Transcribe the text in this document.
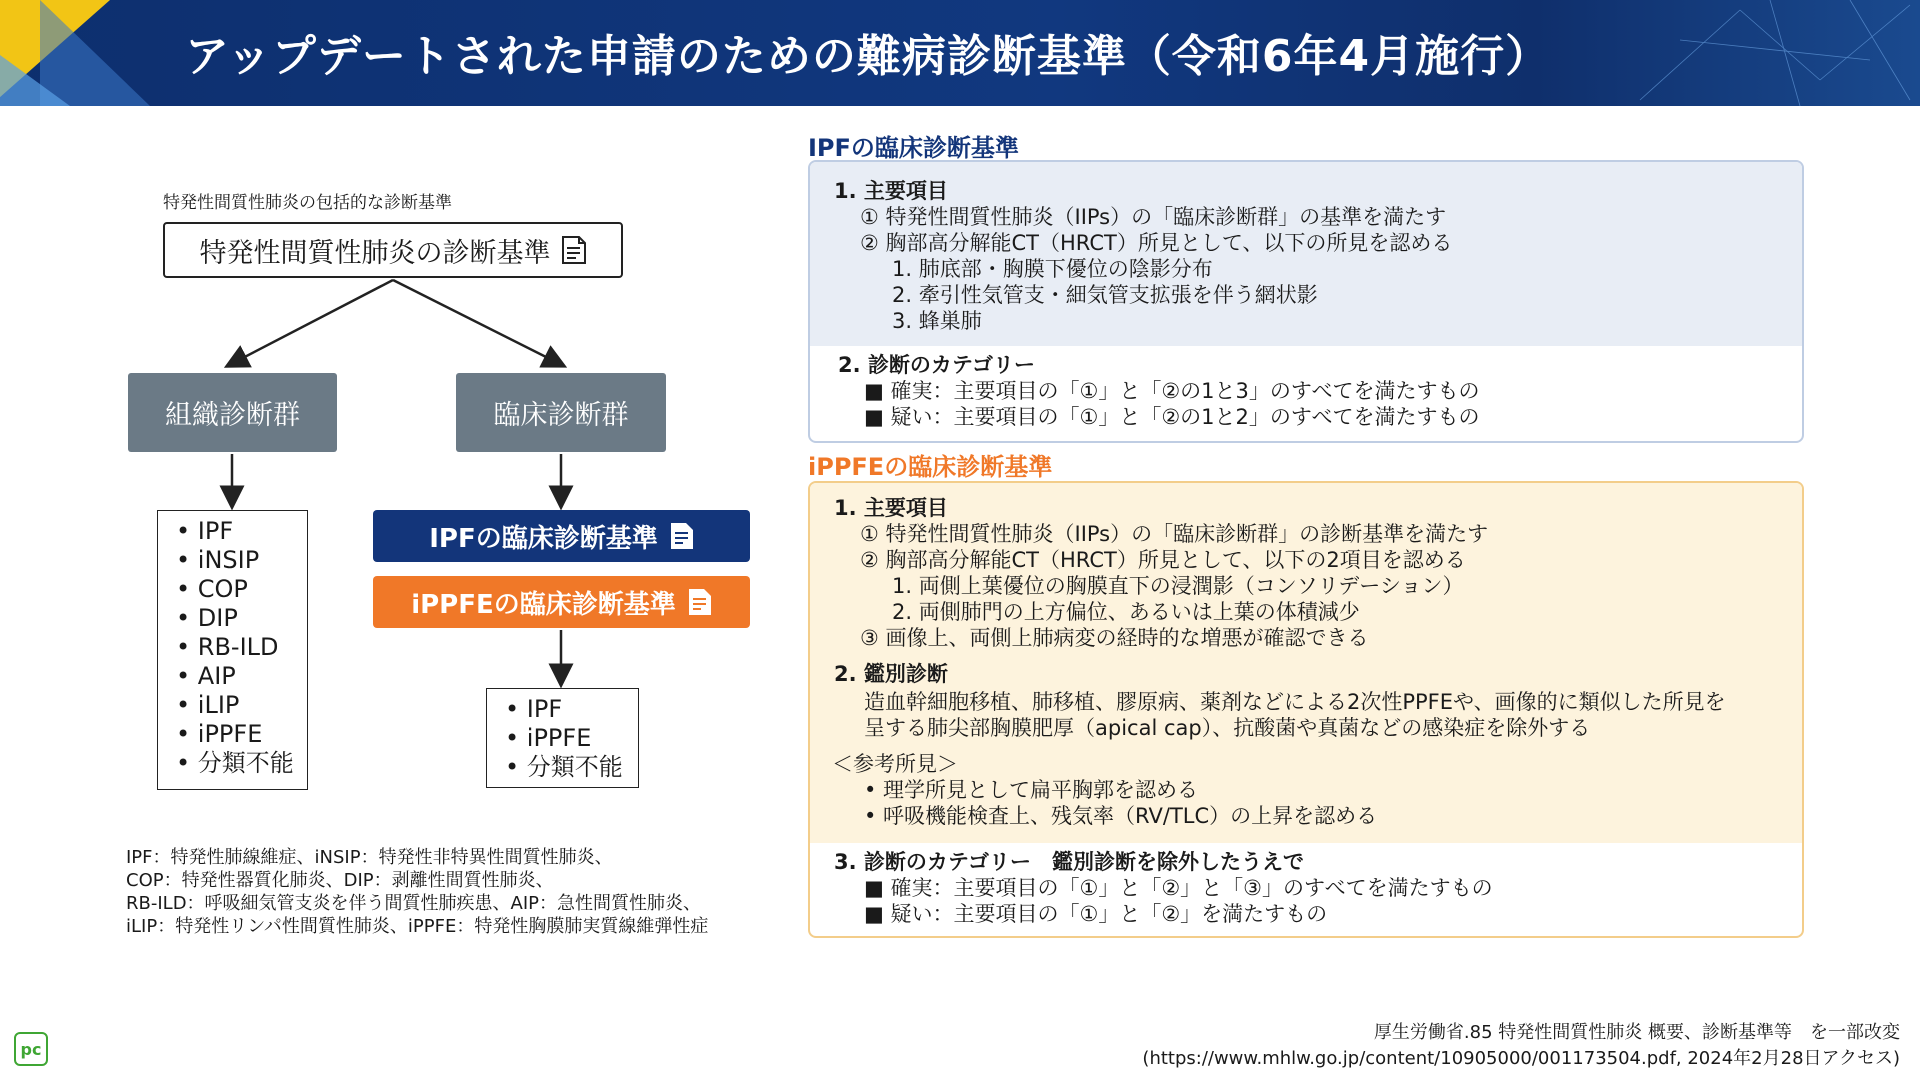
アップデートされた申請のための難病診断基準（令和6年4月施行）
特発性間質性肺炎の包括的な診断基準
特発性間質性肺炎の診断基準
組織診断群	臨床診断群
• IPF
• iNSIP
• COP
• DIP
• RB-ILD
• AIP
• iLIP
• iPPFE
• 分類不能
IPFの臨床診断基準
iPPFEの臨床診断基準
• IPF
• iPPFE
• 分類不能
IPF：特発性肺線維症、iNSIP：特発性非特異性間質性肺炎、
COP：特発性器質化肺炎、DIP：剥離性間質性肺炎、
RB-ILD：呼吸細気管支炎を伴う間質性肺疾患、AIP：急性間質性肺炎、
iLIP：特発性リンパ性間質性肺炎、iPPFE：特発性胸膜肺実質線維弾性症
IPFの臨床診断基準
1. 主要項目
① 特発性間質性肺炎（IIPs）の「臨床診断群」の基準を満たす
② 胸部高分解能CT（HRCT）所見として、以下の所見を認める
1. 肺底部・胸膜下優位の陰影分布
2. 牽引性気管支・細気管支拡張を伴う網状影
3. 蜂巣肺
2. 診断のカテゴリー
■ 確実：主要項目の「①」と「②の1と3」のすべてを満たすもの
■ 疑い：主要項目の「①」と「②の1と2」のすべてを満たすもの
iPPFEの臨床診断基準
1. 主要項目
① 特発性間質性肺炎（IIPs）の「臨床診断群」の診断基準を満たす
② 胸部高分解能CT（HRCT）所見として、以下の2項目を認める
1. 両側上葉優位の胸膜直下の浸潤影（コンソリデーション）
2. 両側肺門の上方偏位、あるいは上葉の体積減少
③ 画像上、両側上肺病変の経時的な増悪が確認できる
2. 鑑別診断
造血幹細胞移植、肺移植、膠原病、薬剤などによる2次性PPFEや、画像的に類似した所見を
呈する肺尖部胸膜肥厚（apical cap）、抗酸菌や真菌などの感染症を除外する
＜参考所見＞
• 理学所見として扁平胸郭を認める
• 呼吸機能検査上、残気率（RV/TLC）の上昇を認める
3. 診断のカテゴリー　鑑別診断を除外したうえで
■ 確実：主要項目の「①」と「②」と「③」のすべてを満たすもの
■ 疑い：主要項目の「①」と「②」を満たすもの
厚生労働省.85 特発性間質性肺炎 概要、診断基準等　を一部改変
(https://www.mhlw.go.jp/content/10905000/001173504.pdf, 2024年2月28日アクセス)
pc
